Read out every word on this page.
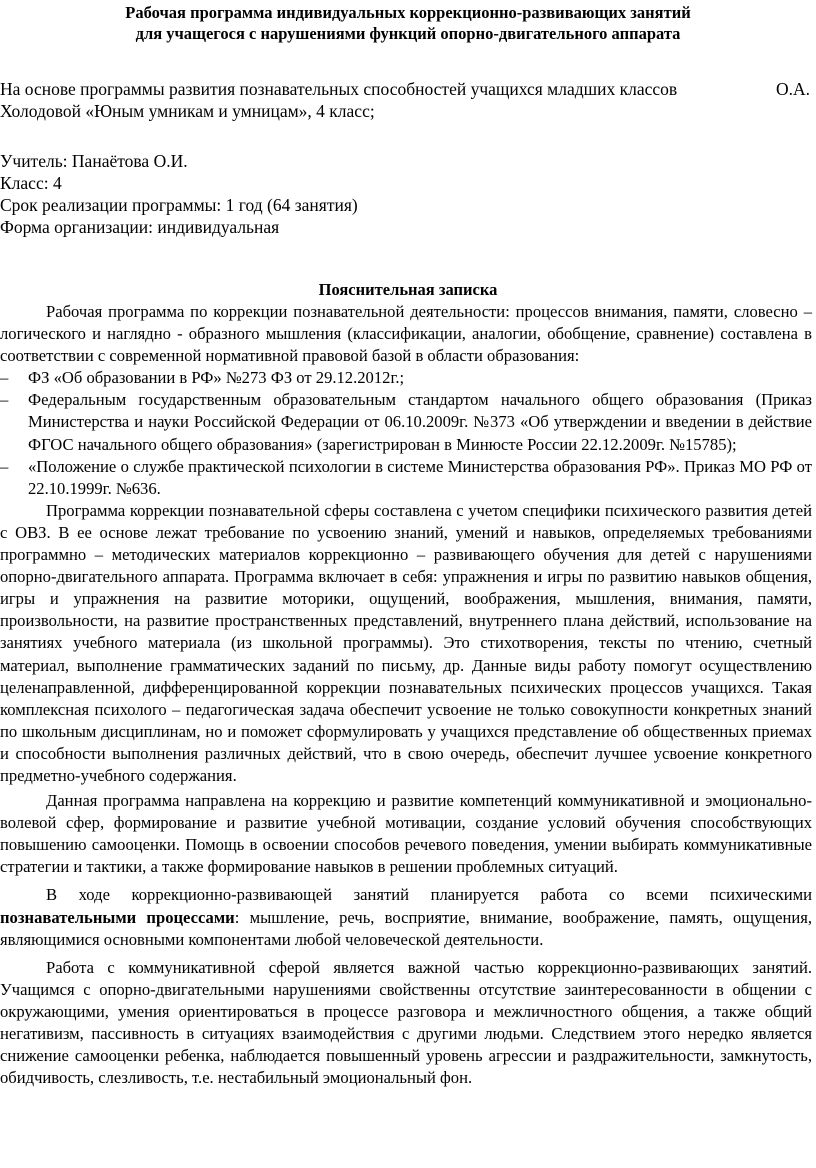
Рабочая программа индивидуальных коррекционно-развивающих занятий
для учащегося с нарушениями функций опорно-двигательного аппарата
На основе программы развития познавательных способностей учащихся младших классов	О.А.
Холодовой «Юным умникам и умницам», 4 класс;
Учитель: Панаётова О.И.
Класс: 4
Срок реализации программы: 1 год (64 занятия)
Форма организации: индивидуальная
Пояснительная записка

Рабочая программа по коррекции познавательной деятельности: процессов внимания, памяти, словесно – логического и наглядно - образного мышления (классификации, аналогии, обобщение, сравнение) составлена в соответствии с современной нормативной правовой базой в области образования:

– ФЗ «Об образовании в РФ» №273 ФЗ от 29.12.2012г.;
– Федеральным государственным образовательным стандартом начального общего образования (Приказ Министерства и науки Российской Федерации от 06.10.2009г. №373 «Об утверждении и введении в действие ФГОС начального общего образования» (зарегистрирован в Минюсте России 22.12.2009г. №15785);
– «Положение о службе практической психологии в системе Министерства образования РФ». Приказ МО РФ от 22.10.1999г. №636.

Программа коррекции познавательной сферы составлена с учетом специфики психического развития детей с ОВЗ. В ее основе лежат требование по усвоению знаний, умений и навыков, определяемых требованиями программно – методических материалов коррекционно – развивающего обучения для детей с нарушениями опорно-двигательного аппарата. Программа включает в себя: упражнения и игры по развитию навыков общения, игры и упражнения на развитие моторики, ощущений, воображения, мышления, внимания, памяти, произвольности, на развитие пространственных представлений, внутреннего плана действий, использование на занятиях учебного материала (из школьной программы). Это стихотворения, тексты по чтению, счетный материал, выполнение грамматических заданий по письму, др. Данные виды работу помогут осуществлению целенаправленной, дифференцированной коррекции познавательных психических процессов учащихся. Такая комплексная психолого – педагогическая задача обеспечит усвоение не только совокупности конкретных знаний по школьным дисциплинам, но и поможет сформулировать у учащихся представление об общественных приемах и способности выполнения различных действий, что в свою очередь, обеспечит лучшее усвоение конкретного предметно-учебного содержания.

Данная программа направлена на коррекцию и развитие компетенций коммуникативной и эмоционально-волевой сфер, формирование и развитие учебной мотивации, создание условий обучения способствующих повышению самооценки. Помощь в освоении способов речевого поведения, умении выбирать коммуникативные стратегии и тактики, а также формирование навыков в решении проблемных ситуаций.

В ходе коррекционно-развивающей занятий планируется работа со всеми психическими познавательными процессами: мышление, речь, восприятие, внимание, воображение, память, ощущения, являющимися основными компонентами любой человеческой деятельности.

Работа с коммуникативной сферой является важной частью коррекционно-развивающих занятий. Учащимся с опорно-двигательными нарушениями свойственны отсутствие заинтересованности в общении с окружающими, умения ориентироваться в процессе разговора и межличностного общения, а также общий негативизм, пассивность в ситуациях взаимодействия с другими людьми. Следствием этого нередко является снижение самооценки ребенка, наблюдается повышенный уровень агрессии и раздражительности, замкнутость, обидчивость, слезливость, т.е. нестабильный эмоциональный фон.
